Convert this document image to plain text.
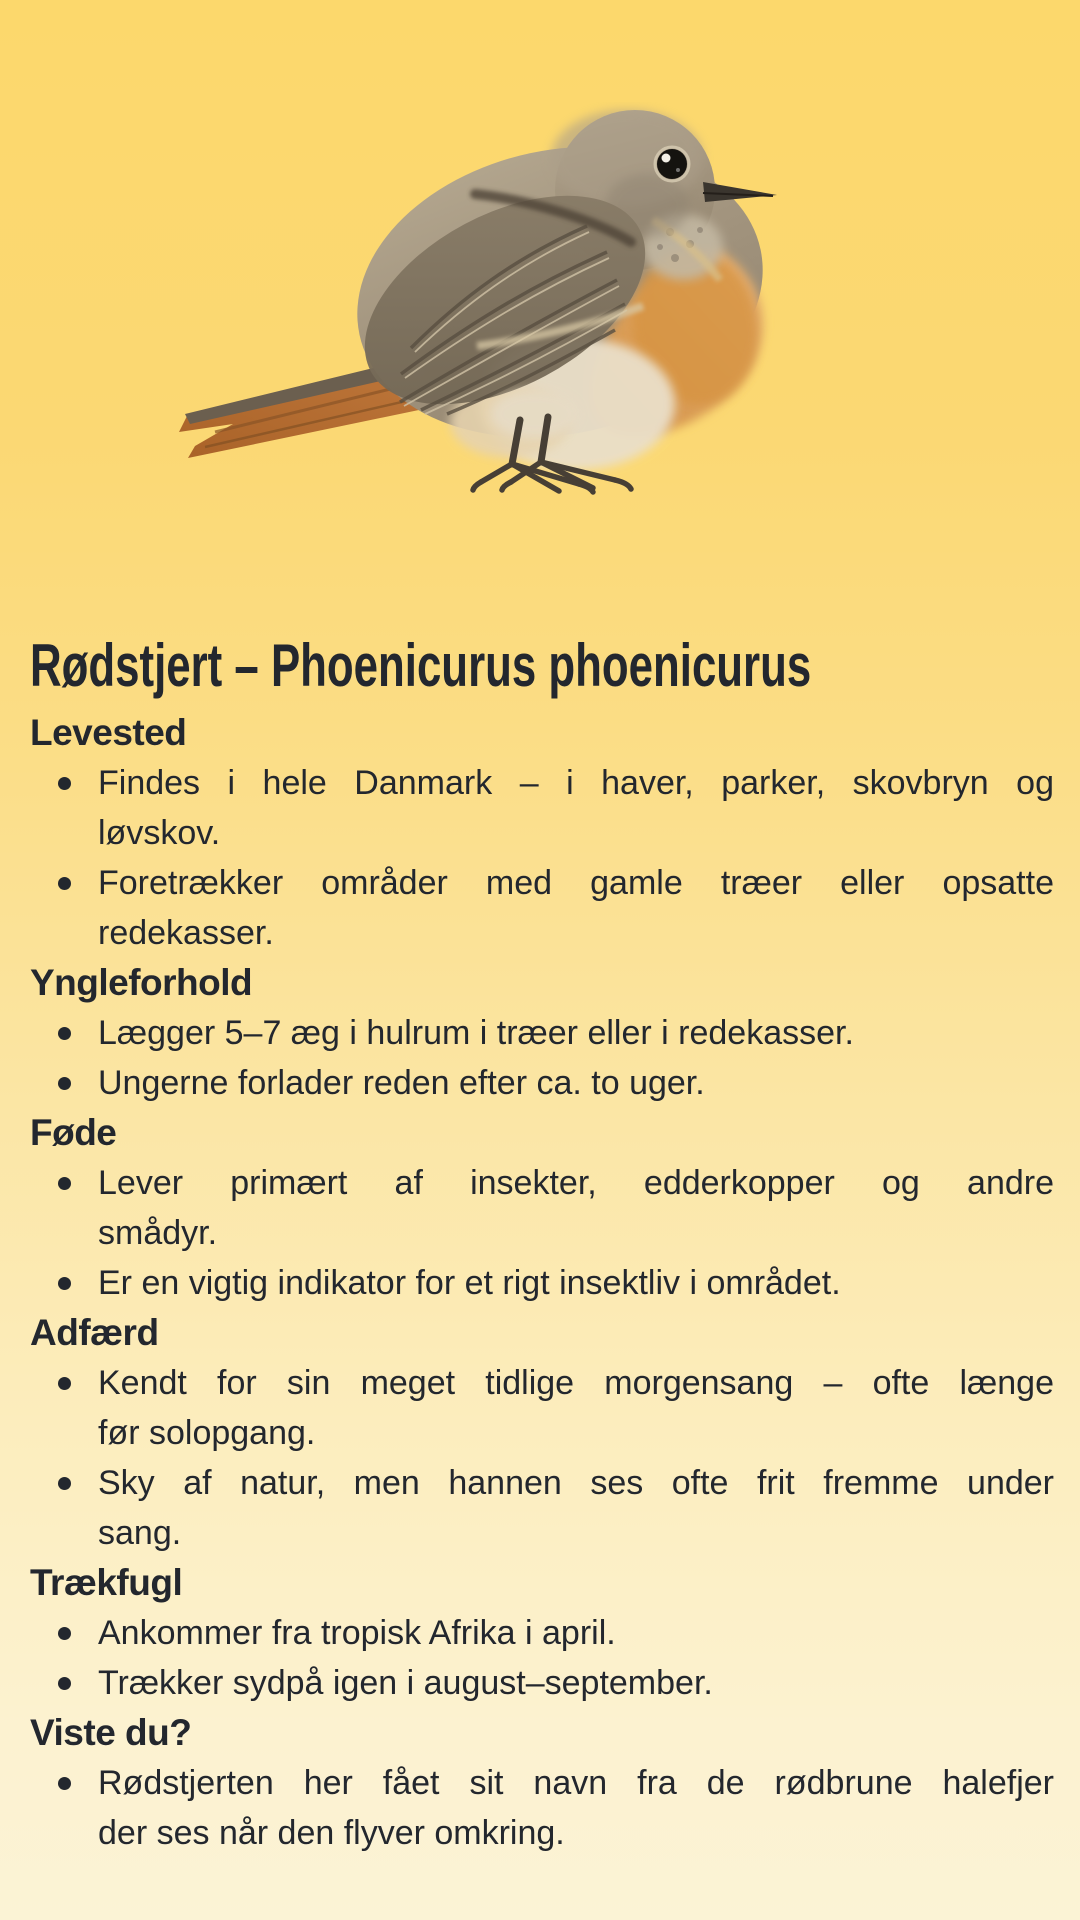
Rødstjert – Phoenicurus phoenicurus
Levested
Findes i hele Danmark – i haver, parker, skovbryn og
løvskov.
Foretrækker områder med gamle træer eller opsatte
redekasser.
Yngleforhold
Lægger 5–7 æg i hulrum i træer eller i redekasser.
Ungerne forlader reden efter ca. to uger.
Føde
Lever primært af insekter, edderkopper og andre
smådyr.
Er en vigtig indikator for et rigt insektliv i området.
Adfærd
Kendt for sin meget tidlige morgensang – ofte længe
før solopgang.
Sky af natur, men hannen ses ofte frit fremme under
sang.
Trækfugl
Ankommer fra tropisk Afrika i april.
Trækker sydpå igen i august–september.
Viste du?
Rødstjerten her fået sit navn fra de rødbrune halefjer
der ses når den flyver omkring.
